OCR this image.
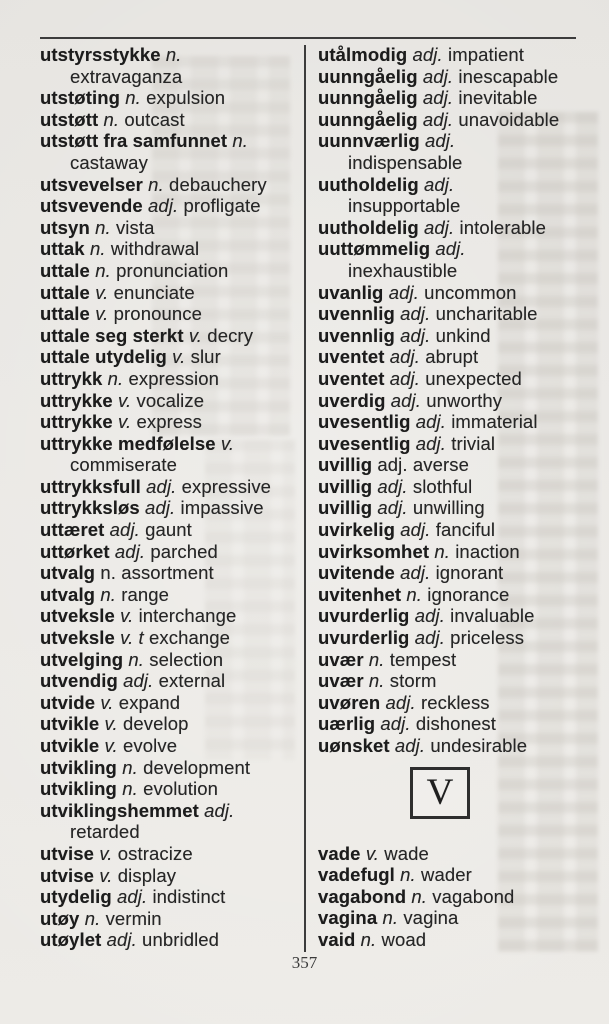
utstyrsstykke n.
extravaganza
utstøting n. expulsion
utstøtt n. outcast
utstøtt fra samfunnet n.
castaway
utsvevelser n. debauchery
utsvevende adj. profligate
utsyn n. vista
uttak n. withdrawal
uttale n. pronunciation
uttale v. enunciate
uttale v. pronounce
uttale seg sterkt v. decry
uttale utydelig v. slur
uttrykk n. expression
uttrykke v. vocalize
uttrykke v. express
uttrykke medfølelse v.
commiserate
uttrykksfull adj. expressive
uttrykksløs adj. impassive
uttæret adj. gaunt
uttørket adj. parched
utvalg n. assortment
utvalg n. range
utveksle v. interchange
utveksle v. t exchange
utvelging n. selection
utvendig adj. external
utvide v. expand
utvikle v. develop
utvikle v. evolve
utvikling n. development
utvikling n. evolution
utviklingshemmet adj.
retarded
utvise v. ostracize
utvise v. display
utydelig adj. indistinct
utøy n. vermin
utøylet adj. unbridled
utålmodig adj. impatient
uunngåelig adj. inescapable
uunngåelig adj. inevitable
uunngåelig adj. unavoidable
uunnværlig adj.
indispensable
uutholdelig adj.
insupportable
uutholdelig adj. intolerable
uuttømmelig adj.
inexhaustible
uvanlig adj. uncommon
uvennlig adj. uncharitable
uvennlig adj. unkind
uventet adj. abrupt
uventet adj. unexpected
uverdig adj. unworthy
uvesentlig adj. immaterial
uvesentlig adj. trivial
uvillig adj. averse
uvillig adj. slothful
uvillig adj. unwilling
uvirkelig adj. fanciful
uvirksomhet n. inaction
uvitende adj. ignorant
uvitenhet n. ignorance
uvurderlig adj. invaluable
uvurderlig adj. priceless
uvær n. tempest
uvær n. storm
uvøren adj. reckless
uærlig adj. dishonest
uønsket adj. undesirable
V
vade v. wade
vadefugl n. wader
vagabond n. vagabond
vagina n. vagina
vaid n. woad
357
